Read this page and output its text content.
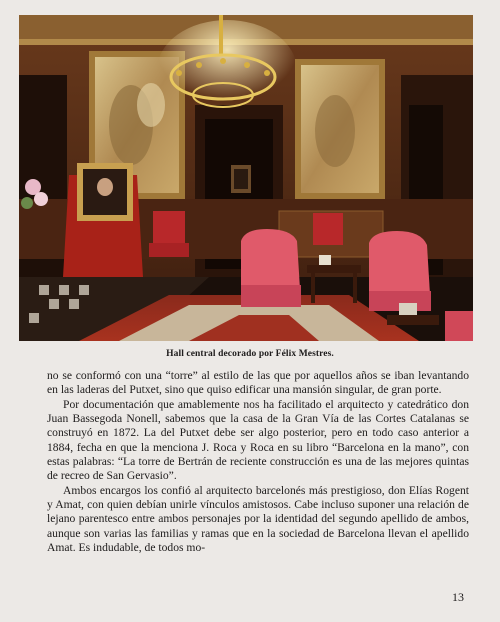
Hall central decorado por Félix Mestres.

no se conformó con una “torre” al estilo de las que por aquellos años se iban levantando en las laderas del Putxet, sino que quiso edificar una mansión singular, de gran porte.

Por documentación que amablemente nos ha facilitado el arquitecto y catedrático don Juan Bassegoda Nonell, sabemos que la casa de la Gran Vía de las Cortes Catalanas se construyó en 1872. La del Putxet debe ser algo posterior, pero en todo caso anterior a 1884, fecha en que la menciona J. Roca y Roca en su libro “Barcelona en la mano”, con estas palabras: “La torre de Bertrán de reciente construcción es una de las mejores quintas de recreo de San Gervasio”.

Ambos encargos los confió al arquitecto barcelonés más prestigioso, don Elías Rogent y Amat, con quien debían unirle vínculos amistosos. Cabe incluso suponer una relación de lejano parentesco entre ambos personajes por la identidad del segundo apellido de ambos, aunque son varias las familias y ramas que en la sociedad de Barcelona llevan el apellido Amat. Es indudable, de todos mo-

13
